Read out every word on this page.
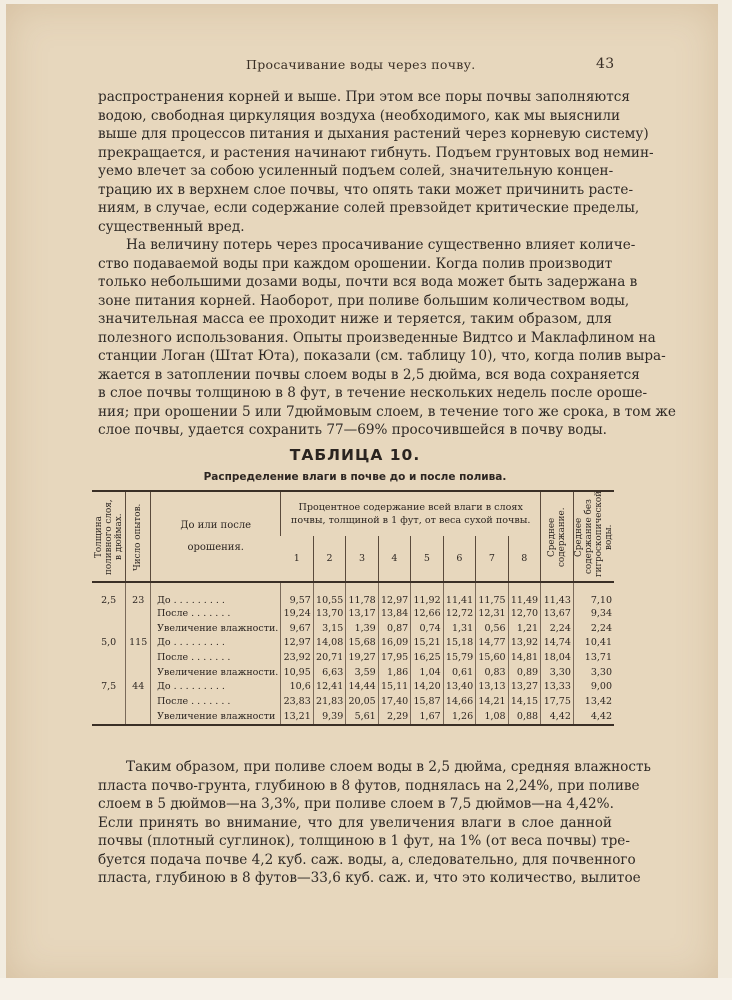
Просачивание воды через почву.	43
распространения корней и выше. При этом все поры почвы заполняются
водою, свободная циркуляция воздуха (необходимого, как мы выяснили
выше для процессов питания и дыхания растений через корневую систему)
прекращается, и растения начинают гибнуть. Подъем грунтовых вод немин-
уемо влечет за собою усиленный подъем солей, значительную концен-
трацию их в верхнем слое почвы, что опять таки может причинить расте-
ниям, в случае, если содержание солей превзойдет критические пределы,
существенный вред.
На величину потерь через просачивание существенно влияет количе-
ство подаваемой воды при каждом орошении. Когда полив производит
только небольшими дозами воды, почти вся вода может быть задержана в
зоне питания корней. Наоборот, при поливе большим количеством воды,
значительная масса ее проходит ниже и теряется, таким образом, для
полезного использования. Опыты произведенные Видтсо и Маклафлином на
станции Логан (Штат Юта), показали (см. таблицу 10), что, когда полив выра-
жается в затоплении почвы слоем воды в 2,5 дюйма, вся вода сохраняется
в слое почвы толщиною в 8 фут, в течение нескольких недель после ороше-
ния; при орошении 5 или 7дюймовым слоем, в течение того же срока, в том же
слое почвы, удается сохранить 77—69% просочившейся в почву воды.
ТАБЛИЦА 10.
Распределение влаги в почве до и после полива.
Толщина поливного слоя, в дюймах.	Число опытов.	До или после орошения.	Процентное содержание всей влаги в слоях почвы, толщиной в 1 фут, от веса сухой почвы.								Среднее содержание.	Среднее содержание без гигроскопической воды.

			1	2	3	4	5	6	7	8		
2,5	23	До . . . . . . . . .	9,57	10,55	11,78	12,97	11,92	11,41	11,75	11,49	11,43	7,10
		После . . . . . . .	19,24	13,70	13,17	13,84	12,66	12,72	12,31	12,70	13,67	9,34
		Увеличение влажности.	9,67	3,15	1,39	0,87	0,74	1,31	0,56	1,21	2,24	2,24
5,0	115	До . . . . . . . . .	12,97	14,08	15,68	16,09	15,21	15,18	14,77	13,92	14,74	10,41
		После . . . . . . .	23,92	20,71	19,27	17,95	16,25	15,79	15,60	14,81	18,04	13,71
		Увеличение влажности.	10,95	6,63	3,59	1,86	1,04	0,61	0,83	0,89	3,30	3,30
7,5	44	До . . . . . . . . .	10,6	12,41	14,44	15,11	14,20	13,40	13,13	13,27	13,33	9,00
		После . . . . . . .	23,83	21,83	20,05	17,40	15,87	14,66	14,21	14,15	17,75	13,42
		Увеличение влажности	13,21	9,39	5,61	2,29	1,67	1,26	1,08	0,88	4,42	4,42
Таким образом, при поливе слоем воды в 2,5 дюйма, средняя влажность
пласта почво-грунта, глубиною в 8 футов, поднялась на 2,24%, при поливе
слоем в 5 дюймов—на 3,3%, при поливе слоем в 7,5 дюймов—на 4,42%.
Если принять во внимание, что для увеличения влаги в слое данной
почвы (плотный суглинок), толщиною в 1 фут, на 1% (от веса почвы) тре-
буется подача почве 4,2 куб. саж. воды, а, следовательно, для почвенного
пласта, глубиною в 8 футов—33,6 куб. саж. и, что это количество, вылитое
